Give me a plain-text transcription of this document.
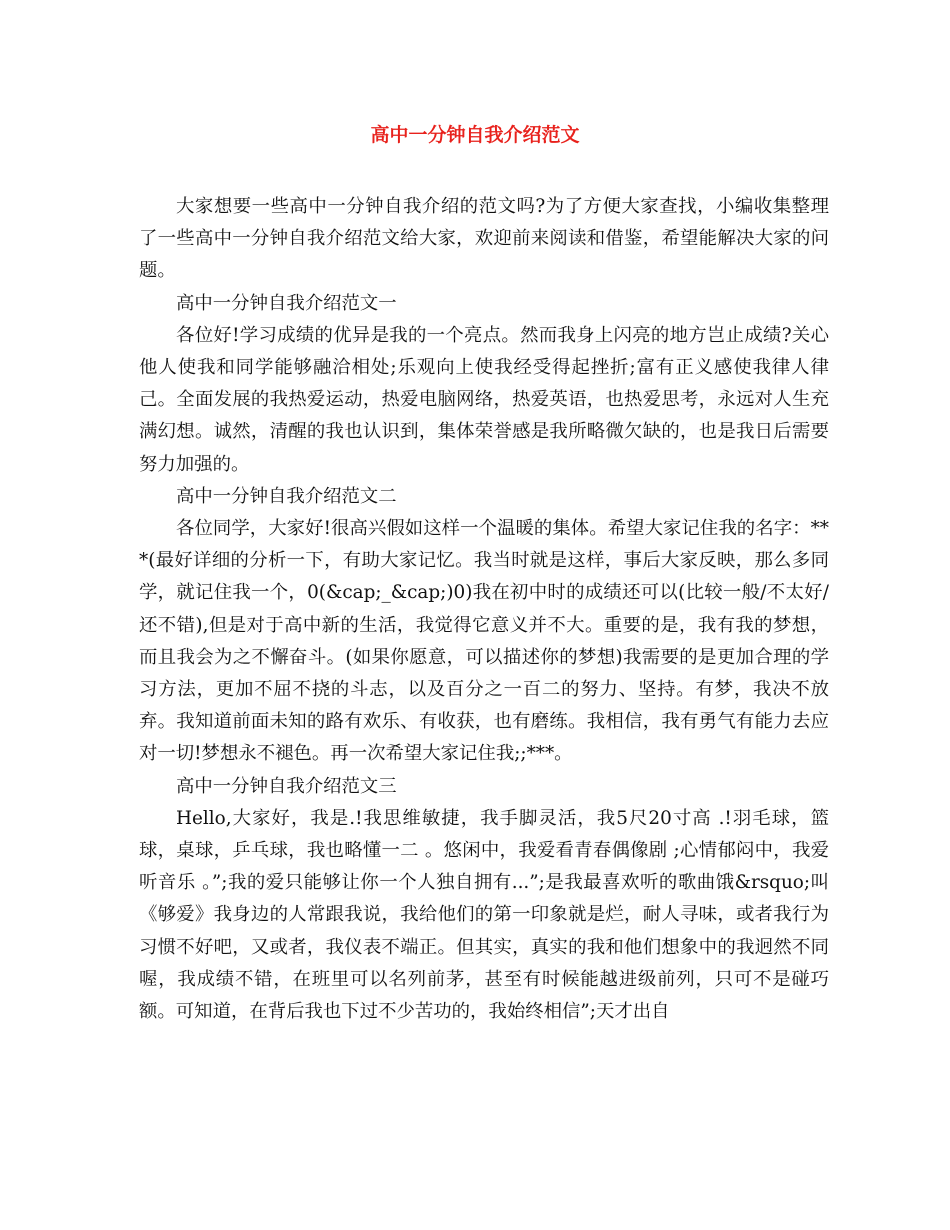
高中一分钟自我介绍范文

大家想要一些高中一分钟自我介绍的范文吗?为了方便大家查找，小编收集整理了一些高中一分钟自我介绍范文给大家，欢迎前来阅读和借鉴，希望能解决大家的问题。

高中一分钟自我介绍范文一

各位好!学习成绩的优异是我的一个亮点。然而我身上闪亮的地方岂止成绩?关心他人使我和同学能够融洽相处;乐观向上使我经受得起挫折;富有正义感使我律人律己。全面发展的我热爱运动，热爱电脑网络，热爱英语，也热爱思考，永远对人生充满幻想。诚然，清醒的我也认识到，集体荣誉感是我所略微欠缺的，也是我日后需要努力加强的。

高中一分钟自我介绍范文二

各位同学，大家好!很高兴假如这样一个温暖的集体。希望大家记住我的名字：***(最好详细的分析一下，有助大家记忆。我当时就是这样，事后大家反映，那么多同学，就记住我一个，0(&cap;_&cap;)0)我在初中时的成绩还可以(比较一般/不太好/还不错),但是对于高中新的生活，我觉得它意义并不大。重要的是，我有我的梦想，而且我会为之不懈奋斗。(如果你愿意，可以描述你的梦想)我需要的是更加合理的学习方法，更加不屈不挠的斗志，以及百分之一百二的努力、坚持。有梦，我决不放弃。我知道前面未知的路有欢乐、有收获，也有磨练。我相信，我有勇气有能力去应对一切!梦想永不褪色。再一次希望大家记住我;;***。

高中一分钟自我介绍范文三

Hello,大家好，我是.!我思维敏捷，我手脚灵活，我5尺20寸高 .!羽毛球，篮球，桌球，乒乓球，我也略懂一二 。悠闲中，我爱看青春偶像剧 ;心情郁闷中，我爱听音乐 。”;我的爱只能够让你一个人独自拥有...”;是我最喜欢听的歌曲饿&rsquo;叫《够爱》我身边的人常跟我说，我给他们的第一印象就是烂，耐人寻味，或者我行为习惯不好吧，又或者，我仪表不端正。但其实，真实的我和他们想象中的我迥然不同喔，我成绩不错，在班里可以名列前茅，甚至有时候能越进级前列，只可不是碰巧额。可知道，在背后我也下过不少苦功的，我始终相信”;天才出自
